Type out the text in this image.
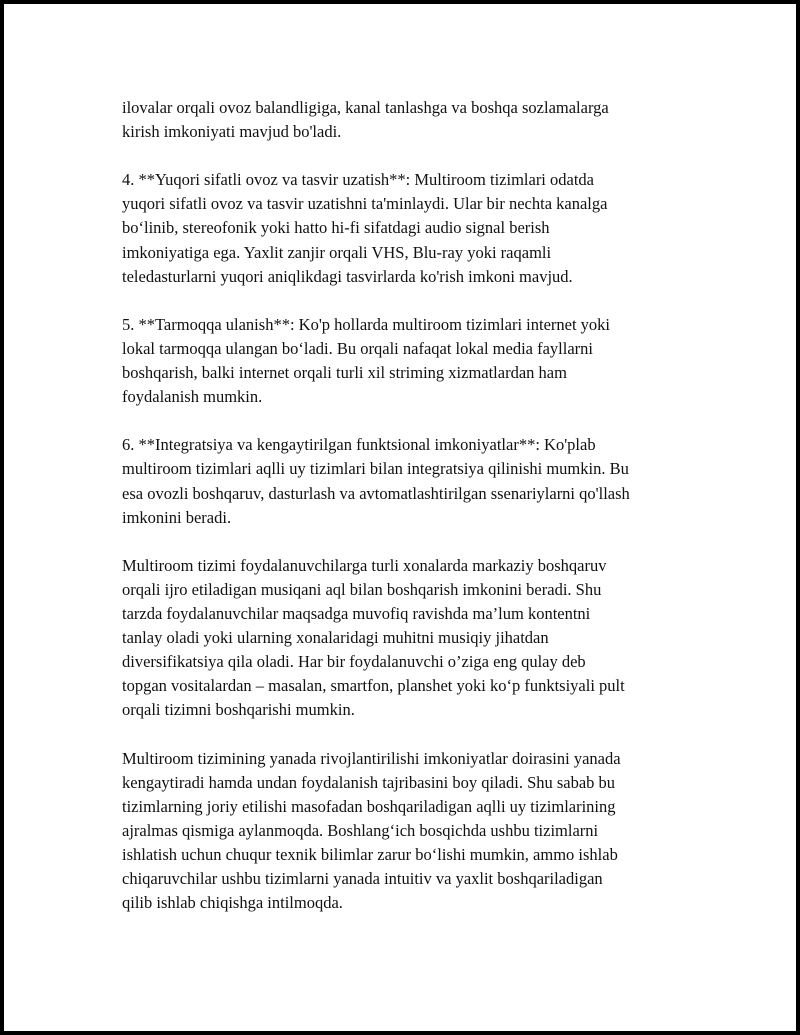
ilovalar orqali ovoz balandligiga, kanal tanlashga va boshqa sozlamalarga
kirish imkoniyati mavjud bo'ladi.

4. **Yuqori sifatli ovoz va tasvir uzatish**: Multiroom tizimlari odatda
yuqori sifatli ovoz va tasvir uzatishni ta'minlaydi. Ular bir nechta kanalga
bo‘linib, stereofonik yoki hatto hi-fi sifatdagi audio signal berish
imkoniyatiga ega. Yaxlit zanjir orqali VHS, Blu-ray yoki raqamli
teledasturlarni yuqori aniqlikdagi tasvirlarda ko'rish imkoni mavjud.

5. **Tarmoqqa ulanish**: Ko'p hollarda multiroom tizimlari internet yoki
lokal tarmoqqa ulangan bo‘ladi. Bu orqali nafaqat lokal media fayllarni
boshqarish, balki internet orqali turli xil striming xizmatlardan ham
foydalanish mumkin.

6. **Integratsiya va kengaytirilgan funktsional imkoniyatlar**: Ko'plab
multiroom tizimlari aqlli uy tizimlari bilan integratsiya qilinishi mumkin. Bu
esa ovozli boshqaruv, dasturlash va avtomatlashtirilgan ssenariylarni qo'llash
imkonini beradi.

Multiroom tizimi foydalanuvchilarga turli xonalarda markaziy boshqaruv
orqali ijro etiladigan musiqani aql bilan boshqarish imkonini beradi. Shu
tarzda foydalanuvchilar maqsadga muvofiq ravishda ma’lum kontentni
tanlay oladi yoki ularning xonalaridagi muhitni musiqiy jihatdan
diversifikatsiya qila oladi. Har bir foydalanuvchi o’ziga eng qulay deb
topgan vositalardan – masalan, smartfon, planshet yoki ko‘p funktsiyali pult
orqali tizimni boshqarishi mumkin.

Multiroom tizimining yanada rivojlantirilishi imkoniyatlar doirasini yanada
kengaytiradi hamda undan foydalanish tajribasini boy qiladi. Shu sabab bu
tizimlarning joriy etilishi masofadan boshqariladigan aqlli uy tizimlarining
ajralmas qismiga aylanmoqda. Boshlang‘ich bosqichda ushbu tizimlarni
ishlatish uchun chuqur texnik bilimlar zarur bo‘lishi mumkin, ammo ishlab
chiqaruvchilar ushbu tizimlarni yanada intuitiv va yaxlit boshqariladigan
qilib ishlab chiqishga intilmoqda.
